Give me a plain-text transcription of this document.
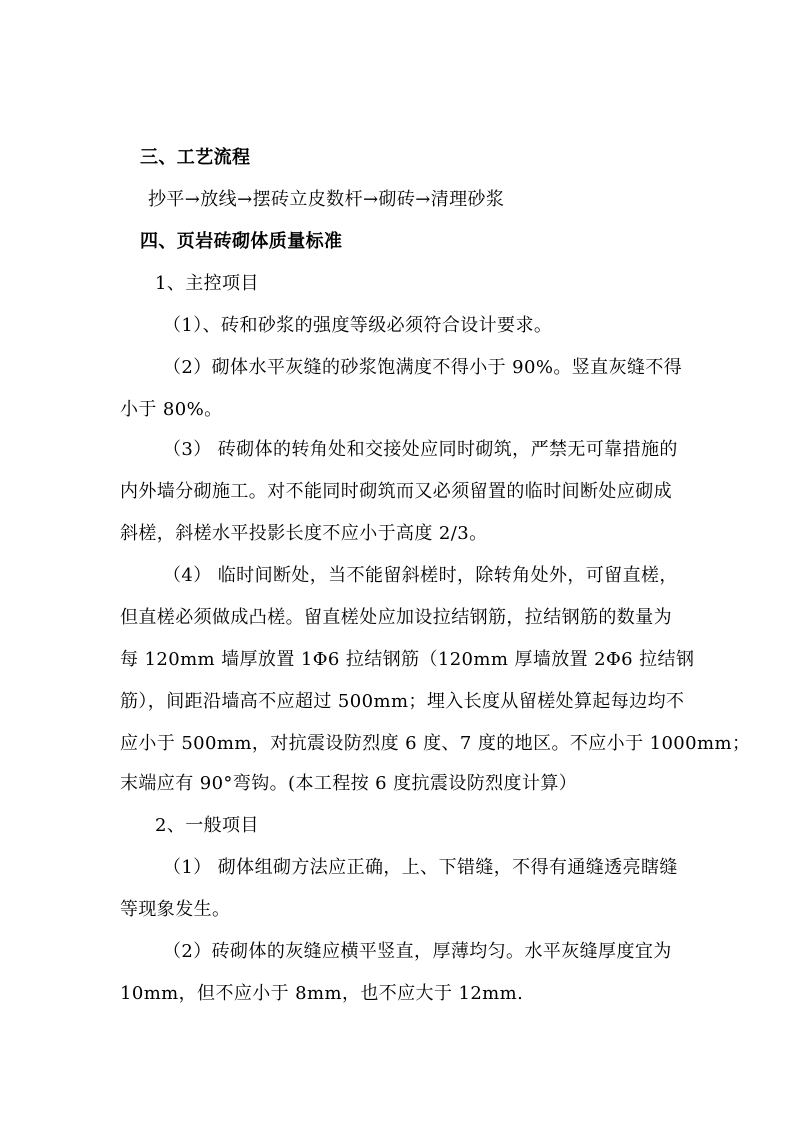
三、工艺流程
抄平→放线→摆砖立皮数杆→砌砖→清理砂浆
四、页岩砖砌体质量标准
1、主控项目
（1）、砖和砂浆的强度等级必须符合设计要求。
（2）砌体水平灰缝的砂浆饱满度不得小于 90%。竖直灰缝不得
小于 80%。
（3） 砖砌体的转角处和交接处应同时砌筑，严禁无可靠措施的
内外墙分砌施工。对不能同时砌筑而又必须留置的临时间断处应砌成
斜槎，斜槎水平投影长度不应小于高度 2/3。
（4） 临时间断处，当不能留斜槎时，除转角处外，可留直槎，
但直槎必须做成凸槎。留直槎处应加设拉结钢筋，拉结钢筋的数量为
每 120mm 墙厚放置 1Φ6 拉结钢筋（120mm 厚墙放置 2Φ6 拉结钢
筋），间距沿墙高不应超过 500mm；埋入长度从留槎处算起每边均不
应小于 500mm，对抗震设防烈度 6 度、7 度的地区。不应小于 1000mm；
末端应有 90°弯钩。(本工程按 6 度抗震设防烈度计算）
2、一般项目
（1） 砌体组砌方法应正确，上、下错缝，不得有通缝透亮瞎缝
等现象发生。
（2）砖砌体的灰缝应横平竖直，厚薄均匀。水平灰缝厚度宜为
10mm，但不应小于 8mm，也不应大于 12mm.
